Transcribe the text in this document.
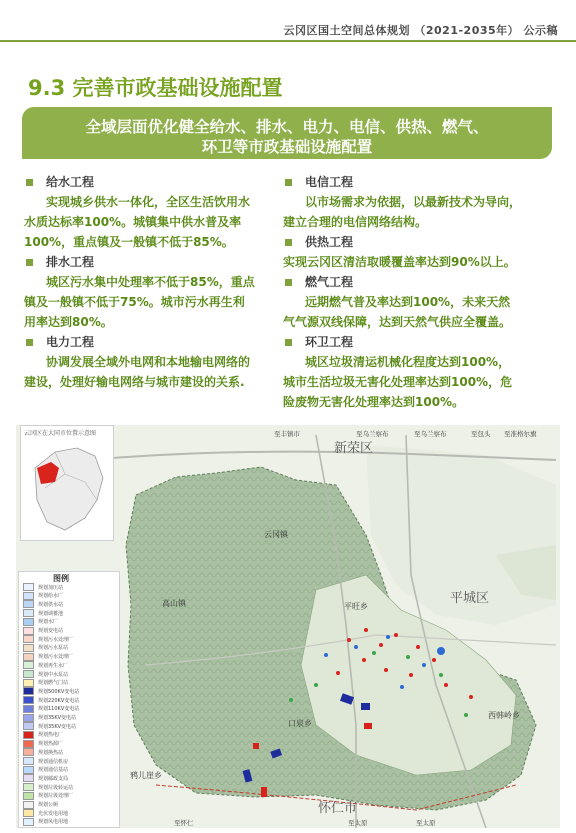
云冈区国土空间总体规划 （2021-2035年） 公示稿
9.3 完善市政基础设施配置
全域层面优化健全给水、排水、电力、电信、供热、燃气、
环卫等市政基础设施配置
给水工程
实现城乡供水一体化，全区生活饮用水
水质达标率100%。城镇集中供水普及率
100%，重点镇及一般镇不低于85%。
排水工程
城区污水集中处理率不低于85%，重点
镇及一般镇不低于75%。城市污水再生利
用率达到80%。
电力工程
协调发展全域外电网和本地输电网络的
建设，处理好输电网络与城市建设的关系.
电信工程
以市场需求为依据，以最新技术为导向，
建立合理的电信网络结构。
供热工程
实现云冈区清洁取暖覆盖率达到90%以上。
燃气工程
远期燃气普及率达到100%，未来天然
气气源双线保障，达到天然气供应全覆盖。
环卫工程
城区垃圾清运机械化程度达到100%，
城市生活垃圾无害化处理率达到100%，危
险废物无害化处理率达到100%。
云冈区在大同市位置示意图
图例
规划加压站
规划给水厂
规划供水站
规划调蓄池
规划水厂
规划变电站
规划污水处理厂
规划污水泵站
规划污水处理厂
规划再生水厂
规划中水泵站
规划燃气门站
规划500KV变电站
规划220KV变电站
规划110KV变电站
规划35KV变电站
规划35KV变电站
规划热电厂
规划热源厂
规划换热站
规划通信机房
规划通信基站
规划邮政支局
规划垃圾转运站
规划垃圾处理厂
规划公厕
光伏发电用地
规划风电用地
云冈镇
高山镇	平旺乡
口泉乡
西韩岭乡
鸦儿崖乡
新荣区
平城区
怀仁市
至丰镇市	至乌兰察布	至乌兰察布	至包头 至准格尔旗
至怀仁	至太原	至太原
